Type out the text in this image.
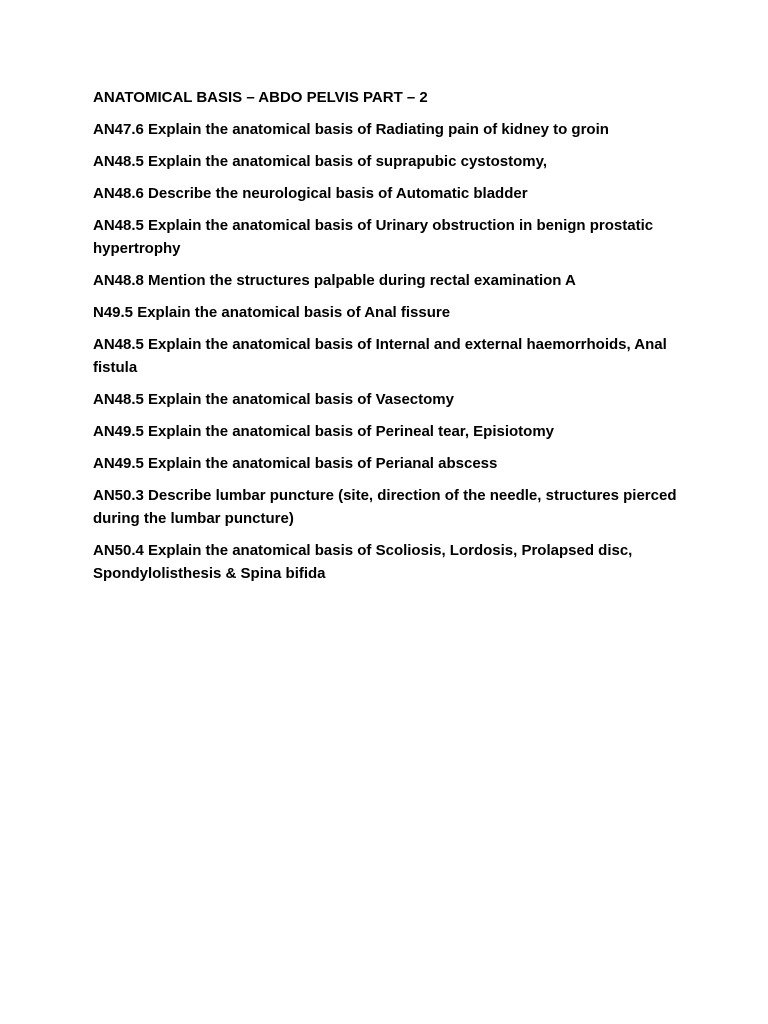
ANATOMICAL BASIS – ABDO PELVIS PART – 2
AN47.6 Explain the anatomical basis of Radiating pain of kidney to groin
AN48.5 Explain the anatomical basis of suprapubic cystostomy,
AN48.6 Describe the neurological basis of Automatic bladder
AN48.5 Explain the anatomical basis of Urinary obstruction in benign prostatic hypertrophy
AN48.8 Mention the structures palpable during rectal examination A
N49.5 Explain the anatomical basis of Anal fissure
AN48.5 Explain the anatomical basis of Internal and external haemorrhoids, Anal fistula
AN48.5 Explain the anatomical basis of Vasectomy
AN49.5 Explain the anatomical basis of Perineal tear, Episiotomy
AN49.5 Explain the anatomical basis of Perianal abscess
AN50.3 Describe lumbar puncture (site, direction of the needle, structures pierced during the lumbar puncture)
AN50.4 Explain the anatomical basis of Scoliosis, Lordosis, Prolapsed disc, Spondylolisthesis & Spina bifida
